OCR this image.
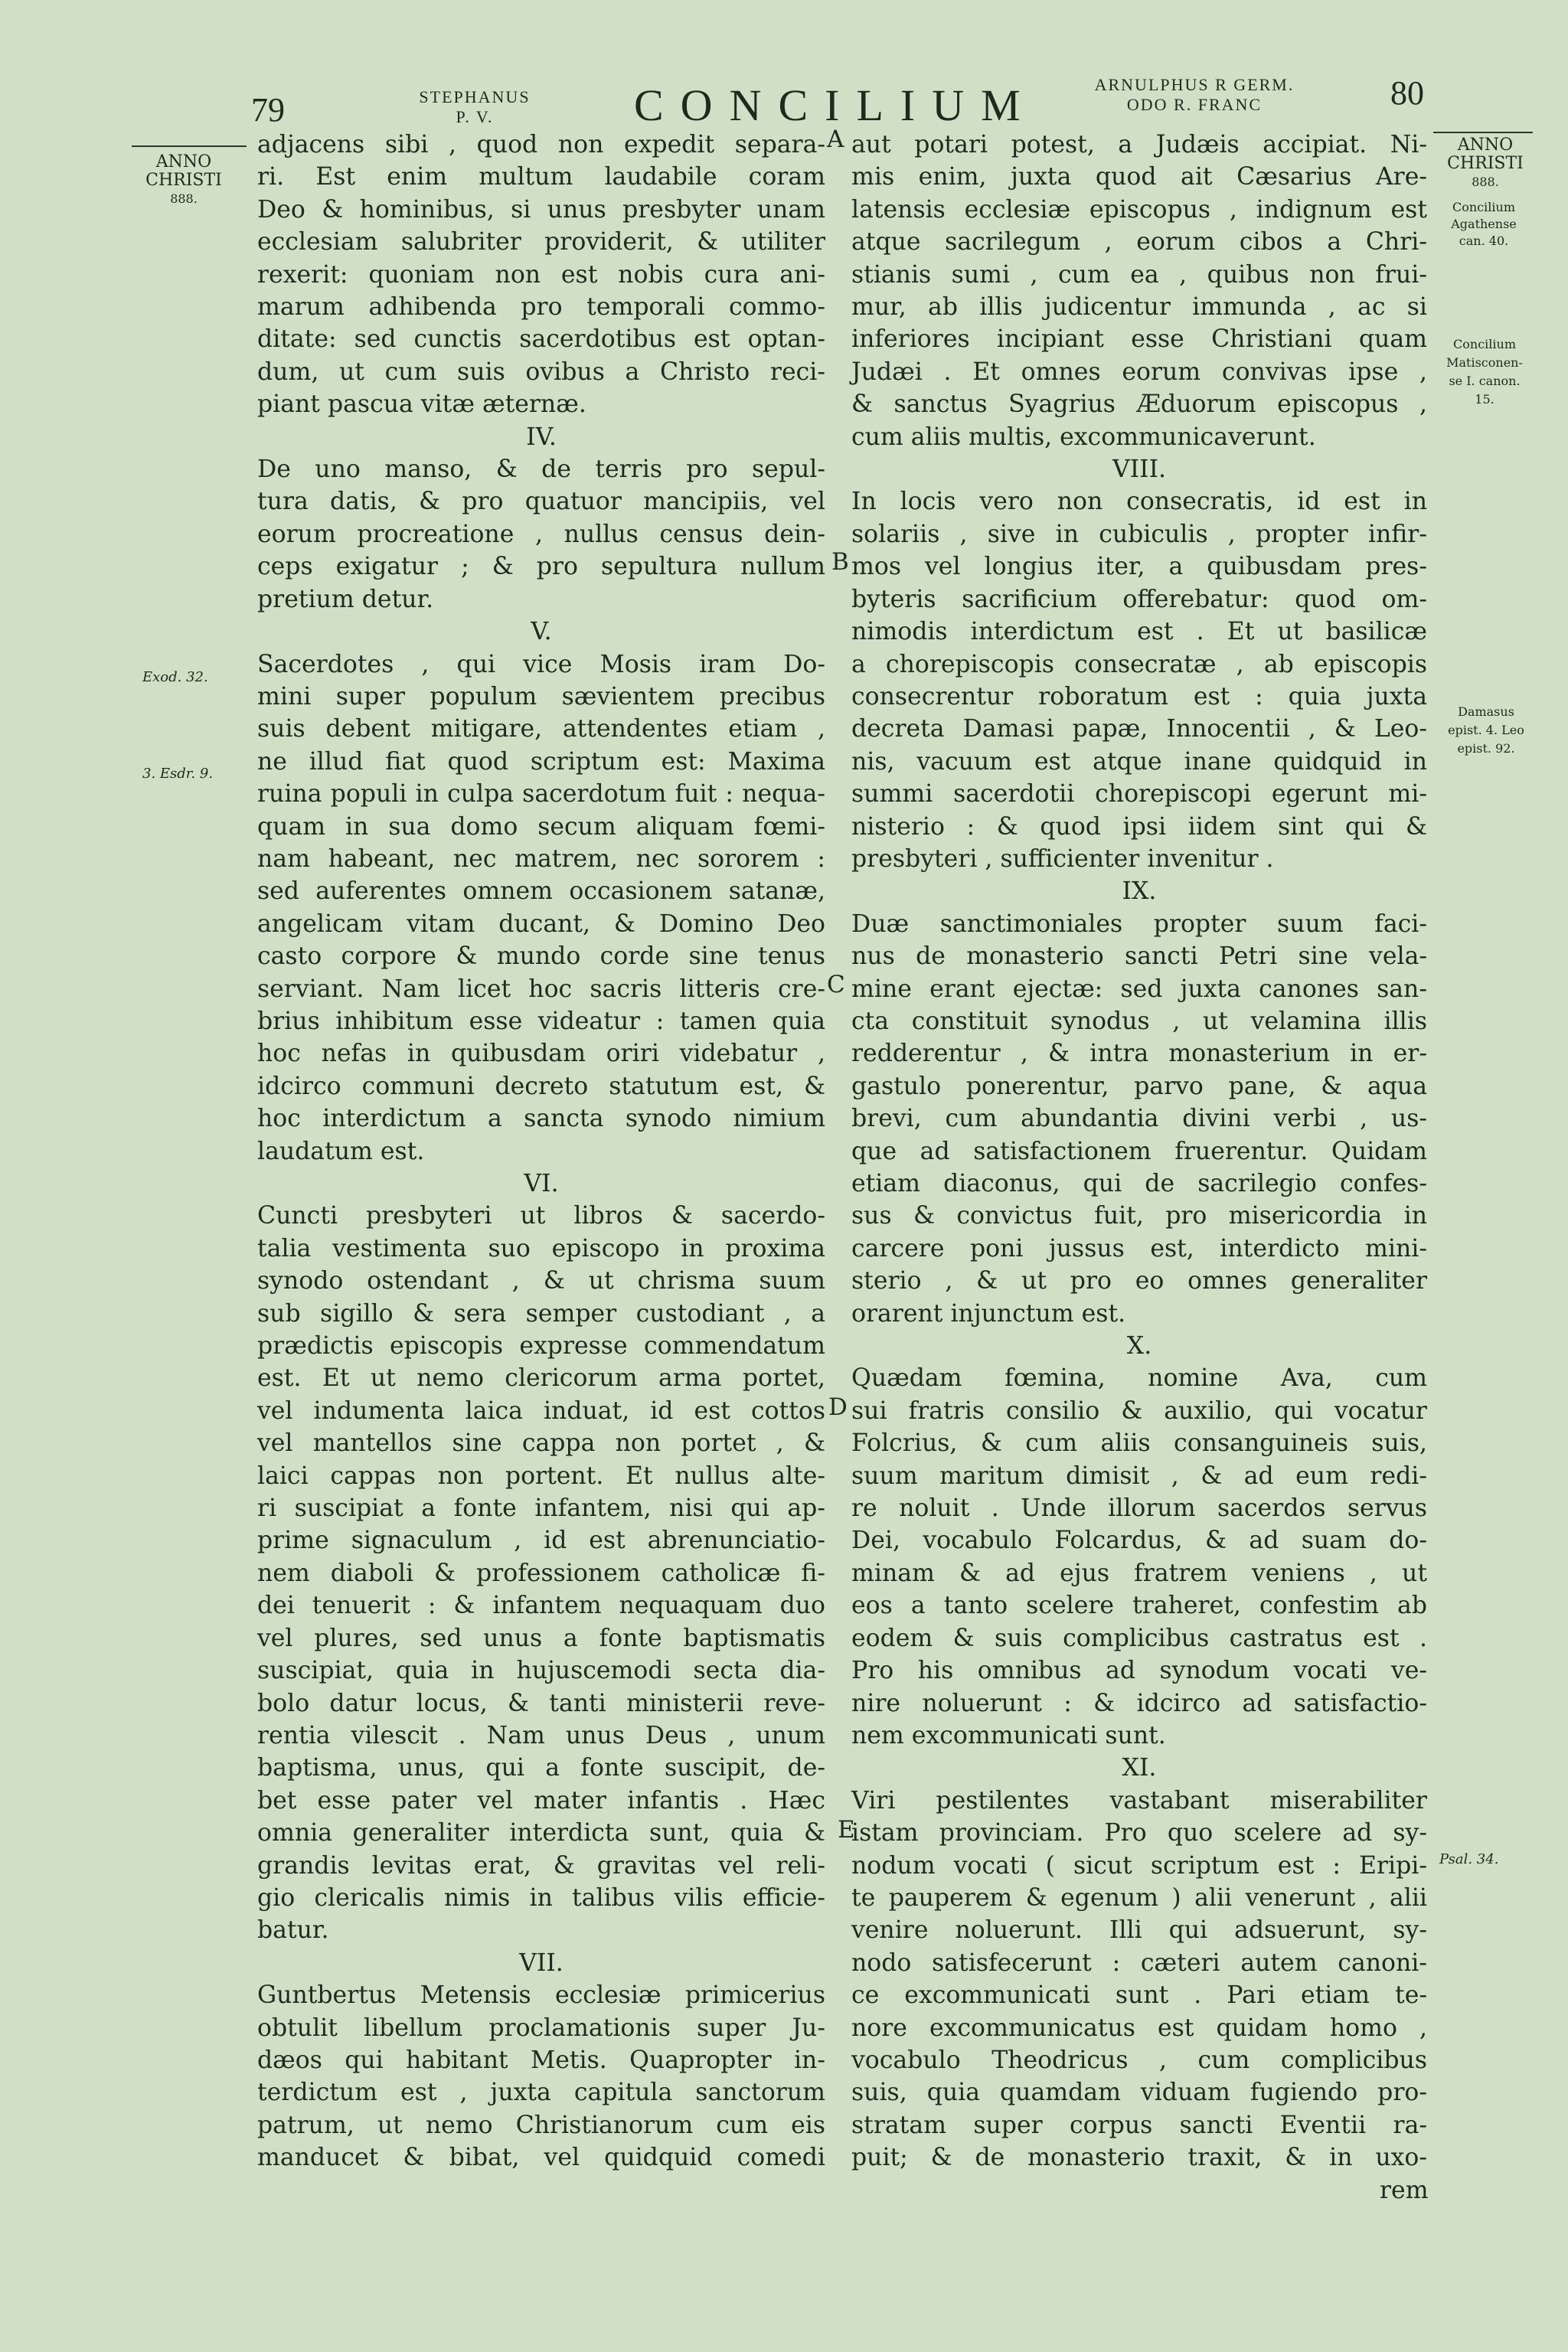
79	STEPHANUS
P. V.	CONCILIUM	ARNULPHUS R GERM.
ODO R. FRANC	80
ANNO
CHRISTI
888.
Exod. 32.
3. Esdr. 9.
ANNO
CHRISTI
888.
Concilium
Agathense
can. 40.
Concilium
Matisconen-
se I. canon.
15.
Damasus
epist. 4. Leo
epist. 92.
Psal. 34.
A
B
C
D
E

adjacens sibi , quod non expedit separa-

ri. Est enim multum laudabile coram

Deo & hominibus, si unus presbyter unam

ecclesiam salubriter providerit, & utiliter

rexerit: quoniam non est nobis cura ani-

marum adhibenda pro temporali commo-

ditate: sed cunctis sacerdotibus est optan-

dum, ut cum suis ovibus a Christo reci-

piant pascua vitæ æternæ.

IV.

De uno manso, & de terris pro sepul-

tura datis, & pro quatuor mancipiis, vel

eorum procreatione , nullus census dein-

ceps exigatur ; & pro sepultura nullum

pretium detur.

V.

Sacerdotes , qui vice Mosis iram Do-

mini super populum sævientem precibus

suis debent mitigare, attendentes etiam ,

ne illud fiat quod scriptum est: Maxima

ruina populi in culpa sacerdotum fuit : nequa-

quam in sua domo secum aliquam fœmi-

nam habeant, nec matrem, nec sororem :

sed auferentes omnem occasionem satanæ,

angelicam vitam ducant, & Domino Deo

casto corpore & mundo corde sine tenus

serviant. Nam licet hoc sacris litteris cre-

brius inhibitum esse videatur : tamen quia

hoc nefas in quibusdam oriri videbatur ,

idcirco communi decreto statutum est, &

hoc interdictum a sancta synodo nimium

laudatum est.

VI.

Cuncti presbyteri ut libros & sacerdo-

talia vestimenta suo episcopo in proxima

synodo ostendant , & ut chrisma suum

sub sigillo & sera semper custodiant , a

prædictis episcopis expresse commendatum

est. Et ut nemo clericorum arma portet,

vel indumenta laica induat, id est cottos

vel mantellos sine cappa non portet , &

laici cappas non portent. Et nullus alte-

ri suscipiat a fonte infantem, nisi qui ap-

prime signaculum , id est abrenunciatio-

nem diaboli & professionem catholicæ fi-

dei tenuerit : & infantem nequaquam duo

vel plures, sed unus a fonte baptismatis

suscipiat, quia in hujuscemodi secta dia-

bolo datur locus, & tanti ministerii reve-

rentia vilescit . Nam unus Deus , unum

baptisma, unus, qui a fonte suscipit, de-

bet esse pater vel mater infantis . Hæc

omnia generaliter interdicta sunt, quia &

grandis levitas erat, & gravitas vel reli-

gio clericalis nimis in talibus vilis efficie-

batur.

VII.

Guntbertus Metensis ecclesiæ primicerius

obtulit libellum proclamationis super Ju-

dæos qui habitant Metis. Quapropter in-

terdictum est , juxta capitula sanctorum

patrum, ut nemo Christianorum cum eis

manducet & bibat, vel quidquid comedi

aut potari potest, a Judæis accipiat. Ni-

mis enim, juxta quod ait Cæsarius Are-

latensis ecclesiæ episcopus , indignum est

atque sacrilegum , eorum cibos a Chri-

stianis sumi , cum ea , quibus non frui-

mur, ab illis judicentur immunda , ac si

inferiores incipiant esse Christiani quam

Judæi . Et omnes eorum convivas ipse ,

& sanctus Syagrius Æduorum episcopus ,

cum aliis multis, excommunicaverunt.

VIII.

In locis vero non consecratis, id est in

solariis , sive in cubiculis , propter infir-

mos vel longius iter, a quibusdam pres-

byteris sacrificium offerebatur: quod om-

nimodis interdictum est . Et ut basilicæ

a chorepiscopis consecratæ , ab episcopis

consecrentur roboratum est : quia juxta

decreta Damasi papæ, Innocentii , & Leo-

nis, vacuum est atque inane quidquid in

summi sacerdotii chorepiscopi egerunt mi-

nisterio : & quod ipsi iidem sint qui &

presbyteri , sufficienter invenitur .

IX.

Duæ sanctimoniales propter suum faci-

nus de monasterio sancti Petri sine vela-

mine erant ejectæ: sed juxta canones san-

cta constituit synodus , ut velamina illis

redderentur , & intra monasterium in er-

gastulo ponerentur, parvo pane, & aqua

brevi, cum abundantia divini verbi , us-

que ad satisfactionem fruerentur. Quidam

etiam diaconus, qui de sacrilegio confes-

sus & convictus fuit, pro misericordia in

carcere poni jussus est, interdicto mini-

sterio , & ut pro eo omnes generaliter

orarent injunctum est.

X.

Quædam fœmina, nomine Ava, cum

sui fratris consilio & auxilio, qui vocatur

Folcrius, & cum aliis consanguineis suis,

suum maritum dimisit , & ad eum redi-

re noluit . Unde illorum sacerdos servus

Dei, vocabulo Folcardus, & ad suam do-

minam & ad ejus fratrem veniens , ut

eos a tanto scelere traheret, confestim ab

eodem & suis complicibus castratus est .

Pro his omnibus ad synodum vocati ve-

nire noluerunt : & idcirco ad satisfactio-

nem excommunicati sunt.

XI.

Viri pestilentes vastabant miserabiliter

istam provinciam. Pro quo scelere ad sy-

nodum vocati ( sicut scriptum est : Eripi-

te pauperem & egenum ) alii venerunt , alii

venire noluerunt. Illi qui adsuerunt, sy-

nodo satisfecerunt : cæteri autem canoni-

ce excommunicati sunt . Pari etiam te-

nore excommunicatus est quidam homo ,

vocabulo Theodricus , cum complicibus

suis, quia quamdam viduam fugiendo pro-

stratam super corpus sancti Eventii ra-

puit; & de monasterio traxit, & in uxo-

rem
